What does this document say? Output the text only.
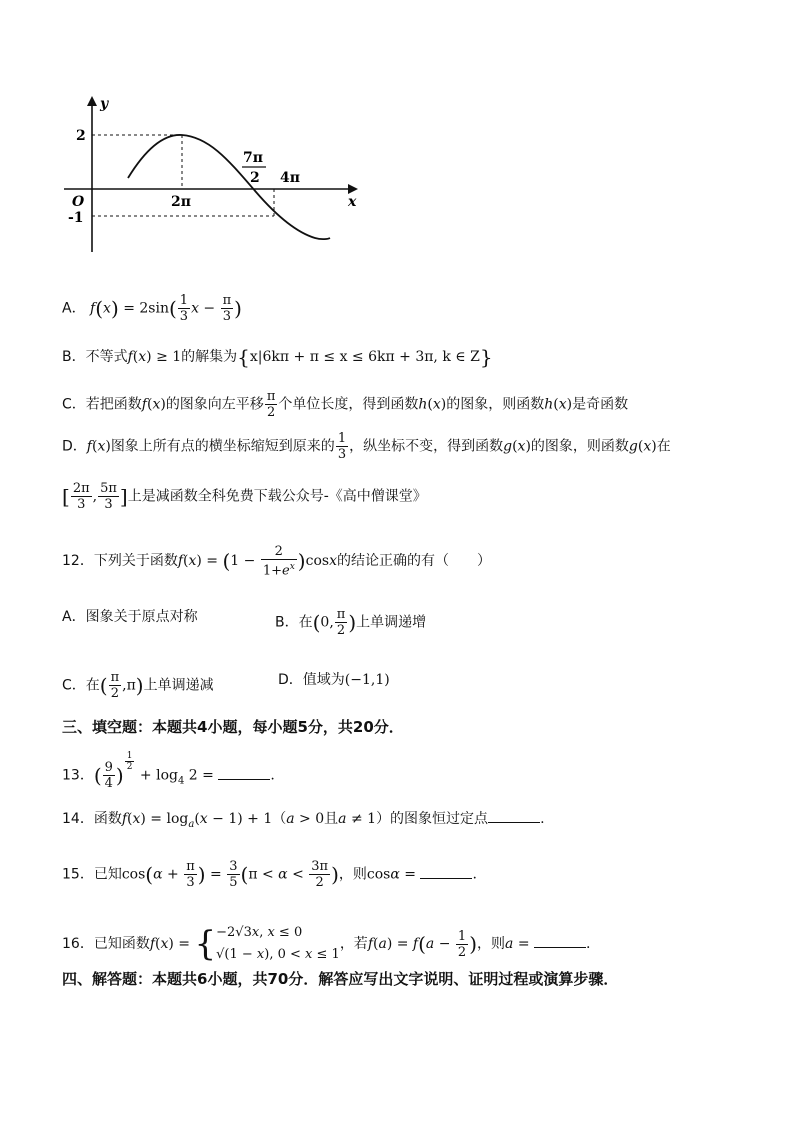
y
x
O
2
-1
2π
7π
2 4π
A． $f(x) = 2\sin( \frac{1}{3}$ $x - \frac{\pi}{3}$ )
B．不等式f(x) ≥ 1的解集为{x|6kπ + π ≤ x ≤ 6kπ + 3π, k ∈ Z}
C．若把函数f(x)的图象向左平移 $\frac{\pi}{2}$ 个单位长度，得到函数h(x)的图象，则函数h(x)是奇函数
D．f(x)图象上所有点的横坐标缩短到原来的 $\frac{1}{3}$ ，纵坐标不变，得到函数g(x)的图象，则函数g(x)在
[ $\frac{2\pi}{3}$ , $\frac{5\pi}{3}$ ]上是减函数全科免费下载公众号-《高中僧课堂》
12．下列关于函数$f(x) = (1 - \frac{2}{1+e^x} )\cos x$的结论正确的有（　　）
A．图象关于原点对称	B．在(0, $\frac{\pi}{2}$ )上单调递增
C．在( $\frac{\pi}{2} ,\pi$)上单调递减	D．值域为(−1,1)
三、填空题：本题共4小题，每小题5分，共20分．
13．( $\frac{9}{4}$ )
$^{\frac{1}{2}}$
+ $\log_4 2$ =	.
14．函数$f(x) = \log_a(x - 1) + 1(a > 0$且a ≠ 1）的图象恒过定点	.
15．已知$\cos(\alpha + \frac{\pi}{3}$ ) = $\frac{3}{5} (\pi < \alpha < \frac{3\pi}{2}$ )，则cosα =	.
16．已知函数f(x) = { −2√3x, x ≤ 0
√(1 − x), 0 < x ≤ 1
，若$f(a) = f(a - \frac{1}{2}$ )，则a =	.
四、解答题：本题共6小题，共70分．解答应写出文字说明、证明过程或演算步骤．
